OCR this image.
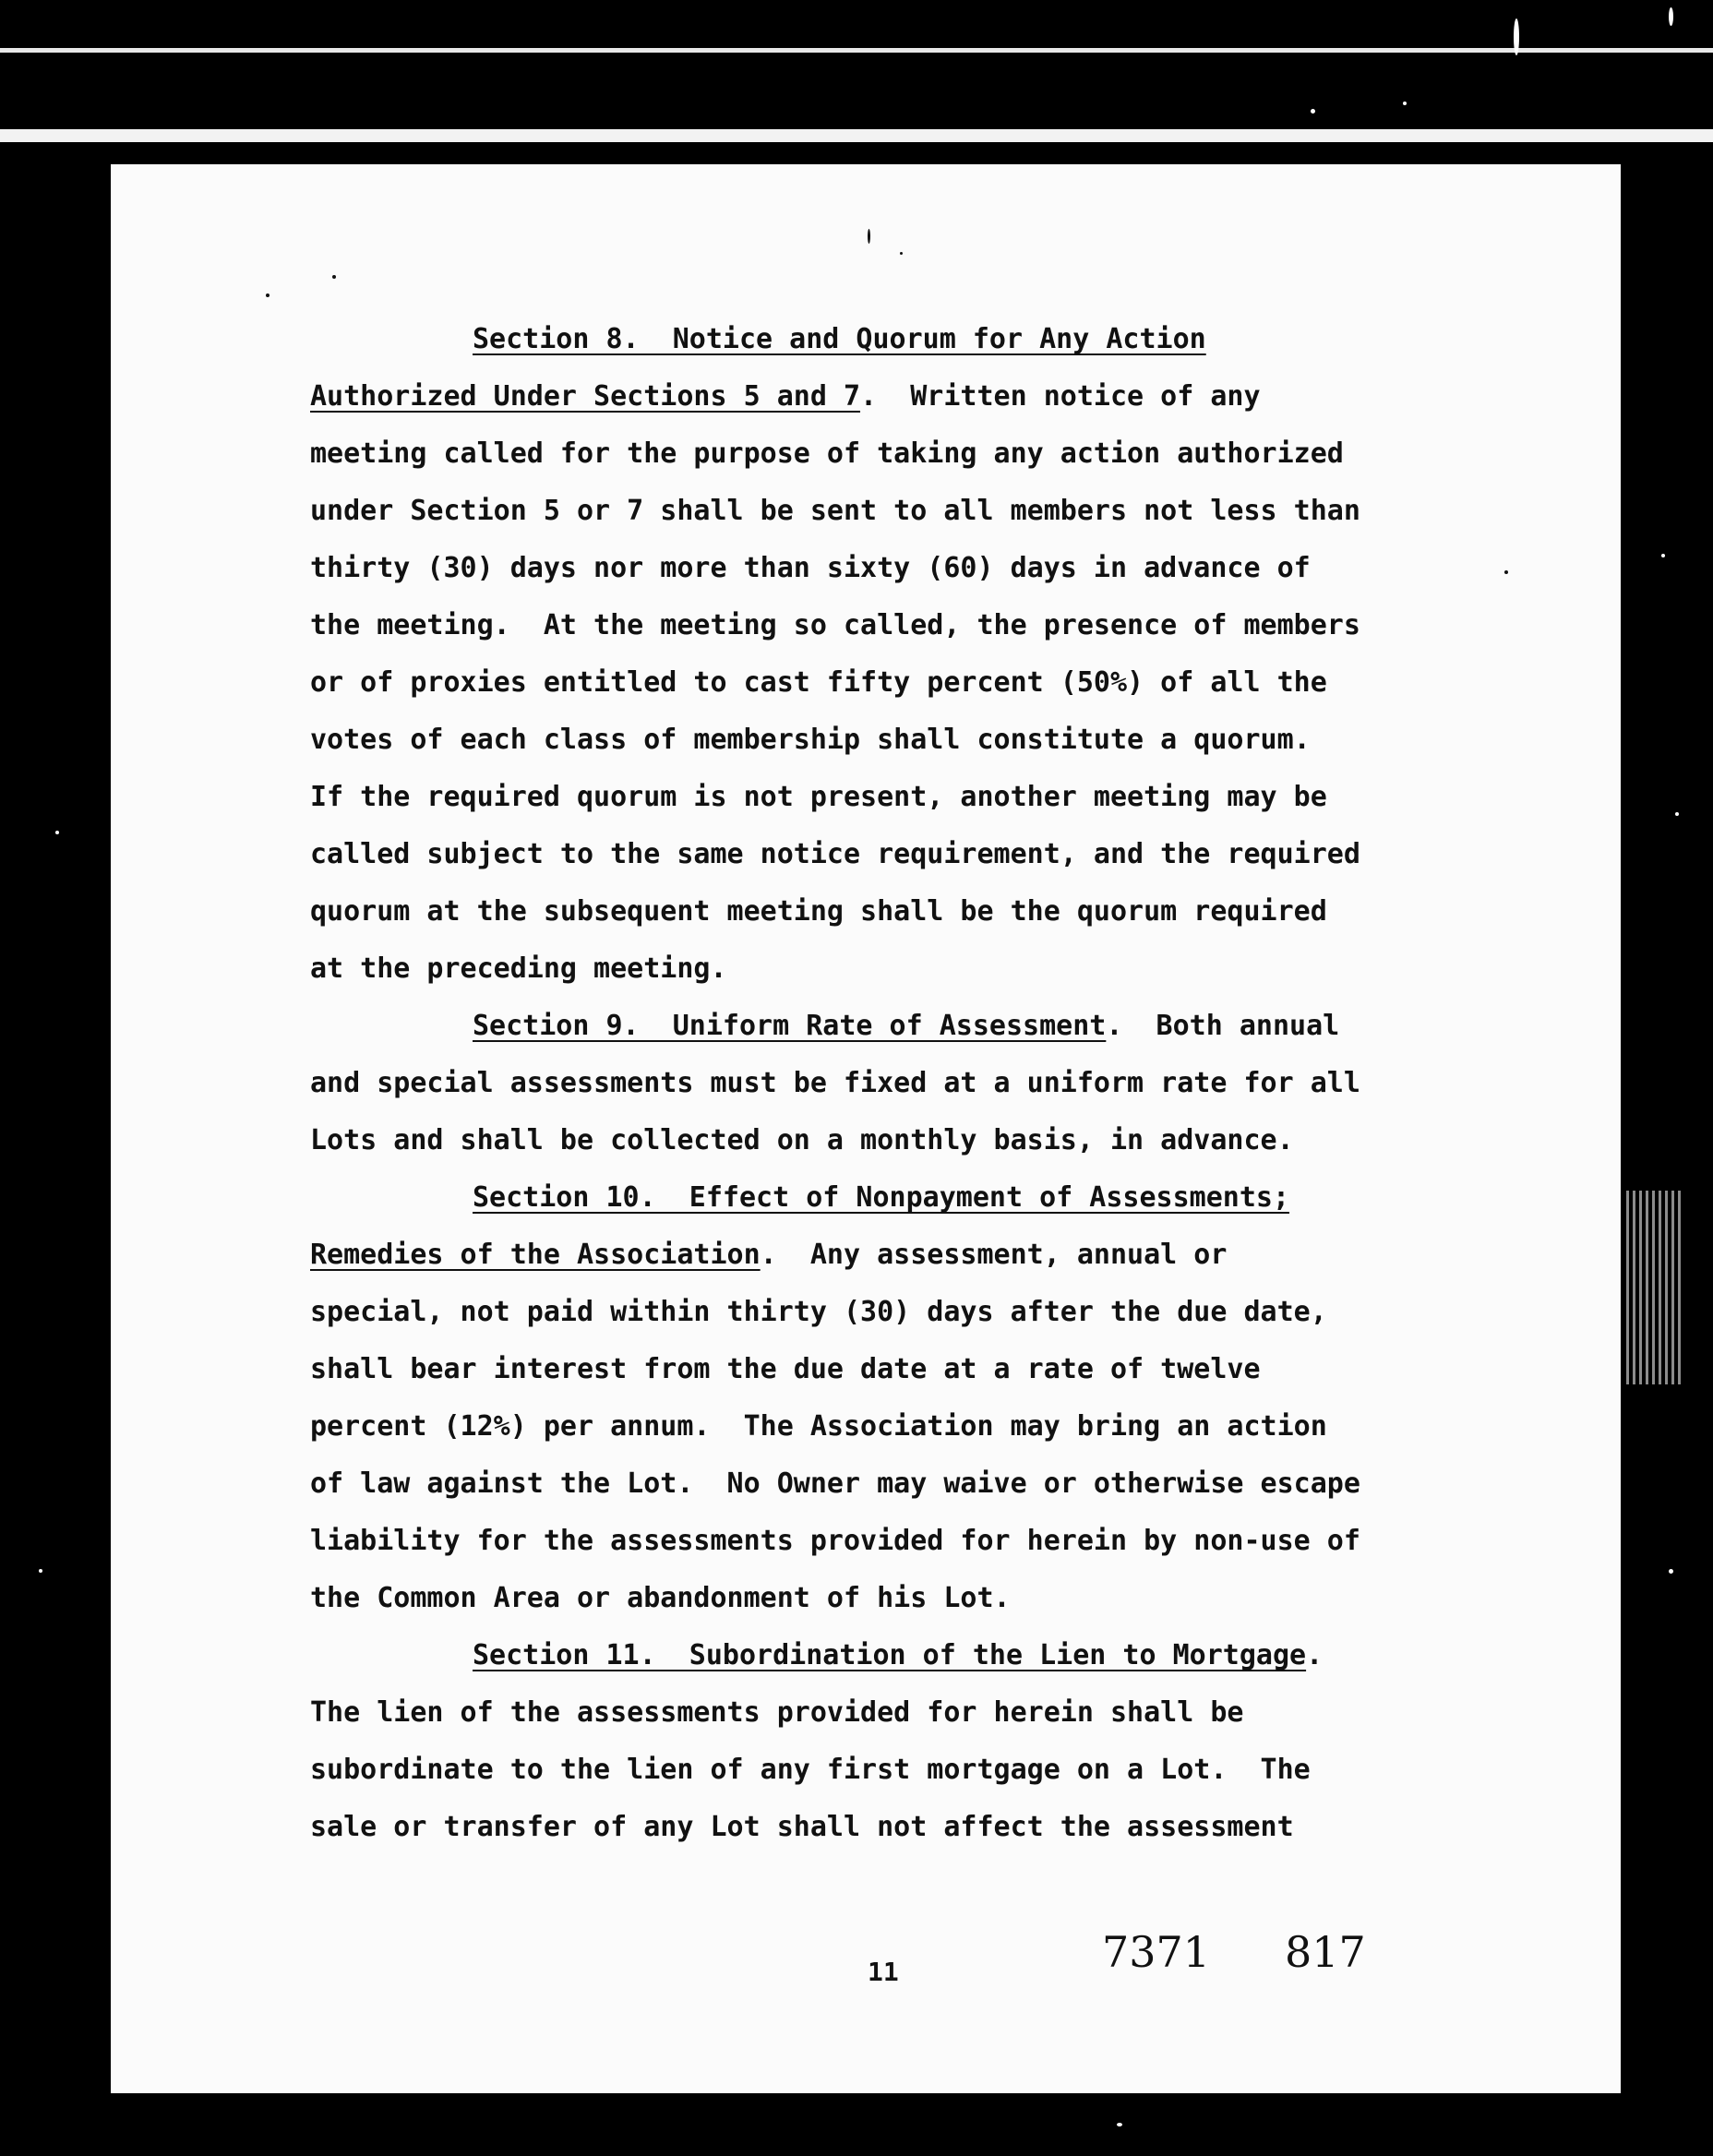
Section 8.  Notice and Quorum for Any Action
Authorized Under Sections 5 and 7.  Written notice of any
meeting called for the purpose of taking any action authorized
under Section 5 or 7 shall be sent to all members not less than
thirty (30) days nor more than sixty (60) days in advance of
the meeting.  At the meeting so called, the presence of members
or of proxies entitled to cast fifty percent (50%) of all the
votes of each class of membership shall constitute a quorum.
If the required quorum is not present, another meeting may be
called subject to the same notice requirement, and the required
quorum at the subsequent meeting shall be the quorum required
at the preceding meeting.
Section 9.  Uniform Rate of Assessment.  Both annual
and special assessments must be fixed at a uniform rate for all
Lots and shall be collected on a monthly basis, in advance.
Section 10.  Effect of Nonpayment of Assessments;
Remedies of the Association.  Any assessment, annual or
special, not paid within thirty (30) days after the due date,
shall bear interest from the due date at a rate of twelve
percent (12%) per annum.  The Association may bring an action
of law against the Lot.  No Owner may waive or otherwise escape
liability for the assessments provided for herein by non-use of
the Common Area or abandonment of his Lot.
Section 11.  Subordination of the Lien to Mortgage.
The lien of the assessments provided for herein shall be
subordinate to the lien of any first mortgage on a Lot.  The
sale or transfer of any Lot shall not affect the assessment
11	7371 817
